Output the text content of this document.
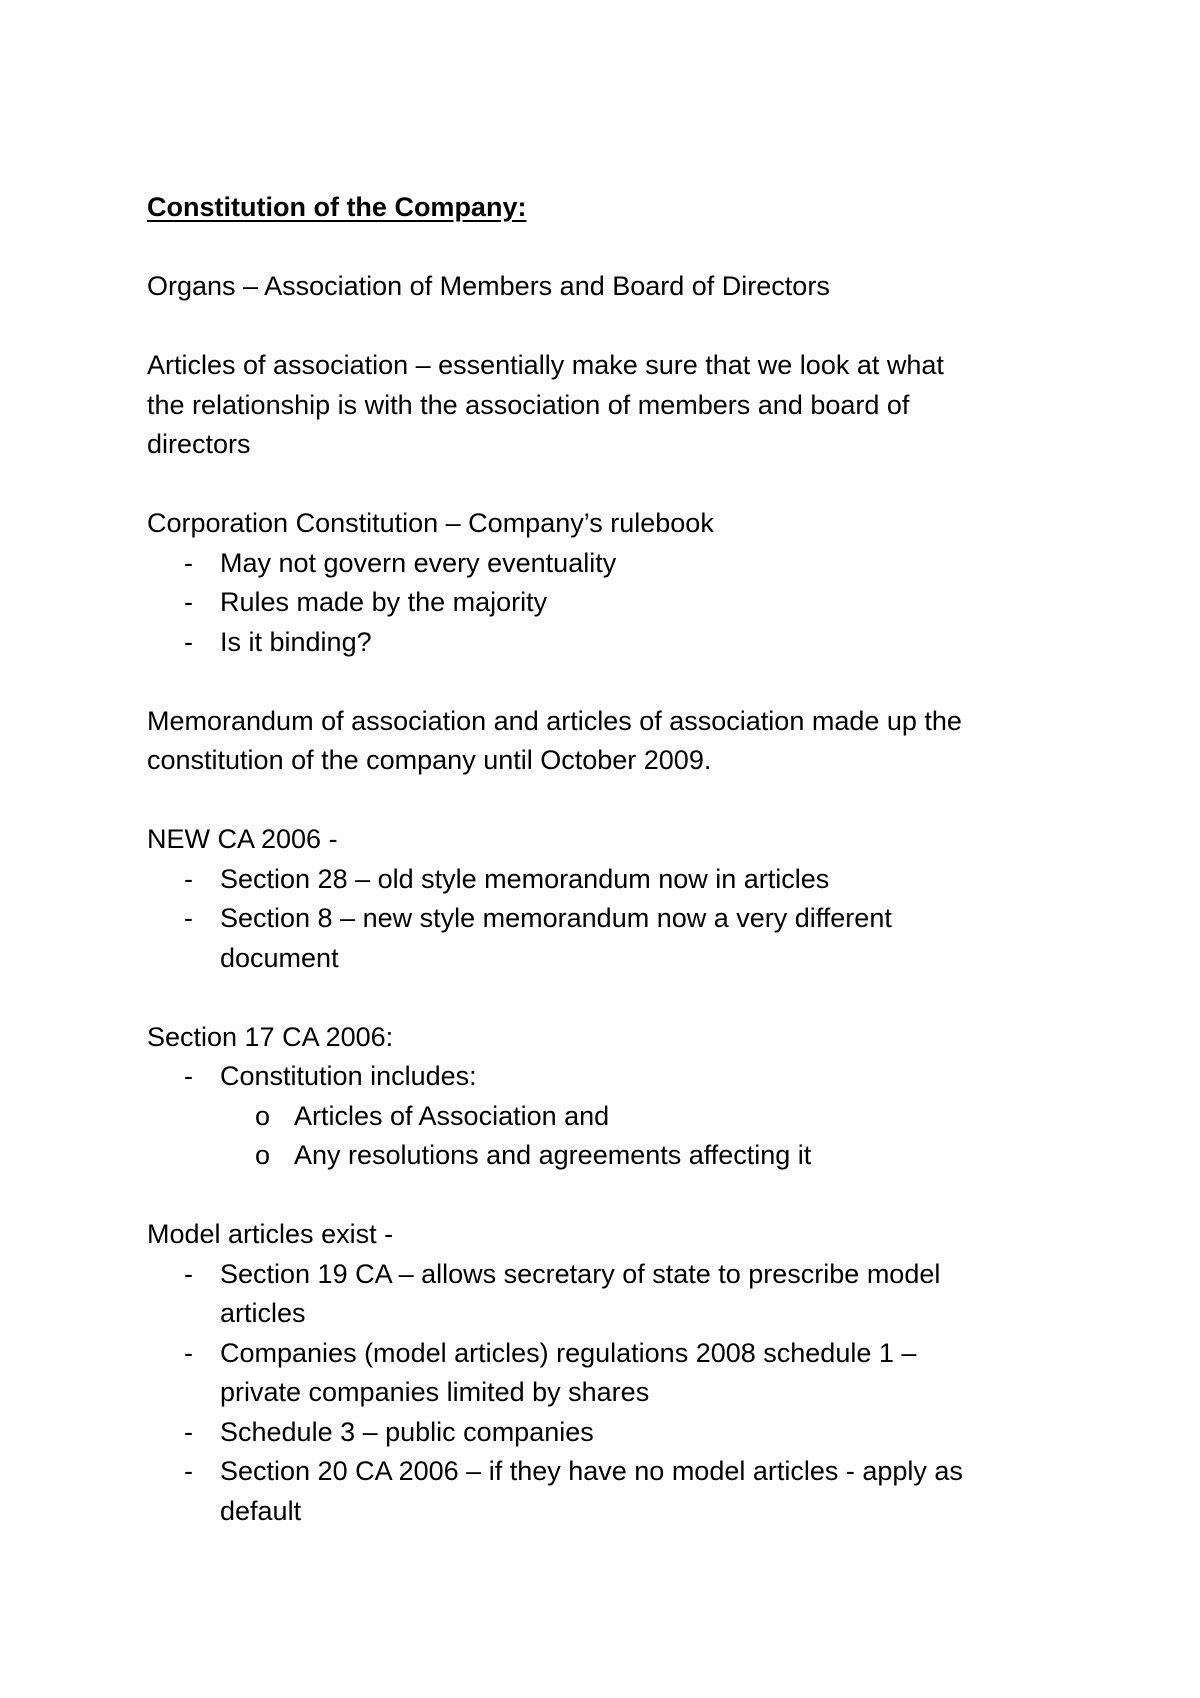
Constitution of the Company:
Organs – Association of Members and Board of Directors
Articles of association – essentially make sure that we look at what
the relationship is with the association of members and board of
directors
Corporation Constitution – Company’s rulebook
-	May not govern every eventuality
-	Rules made by the majority
-	Is it binding?
Memorandum of association and articles of association made up the
constitution of the company until October 2009.
NEW CA 2006 -
-	Section 28 – old style memorandum now in articles
-	Section 8 – new style memorandum now a very different
document
Section 17 CA 2006:
-	Constitution includes:
o Articles of Association and
o Any resolutions and agreements affecting it
Model articles exist -
-	Section 19 CA – allows secretary of state to prescribe model
articles
-	Companies (model articles) regulations 2008 schedule 1 –
private companies limited by shares
-	Schedule 3 – public companies
-	Section 20 CA 2006 – if they have no model articles - apply as
default
